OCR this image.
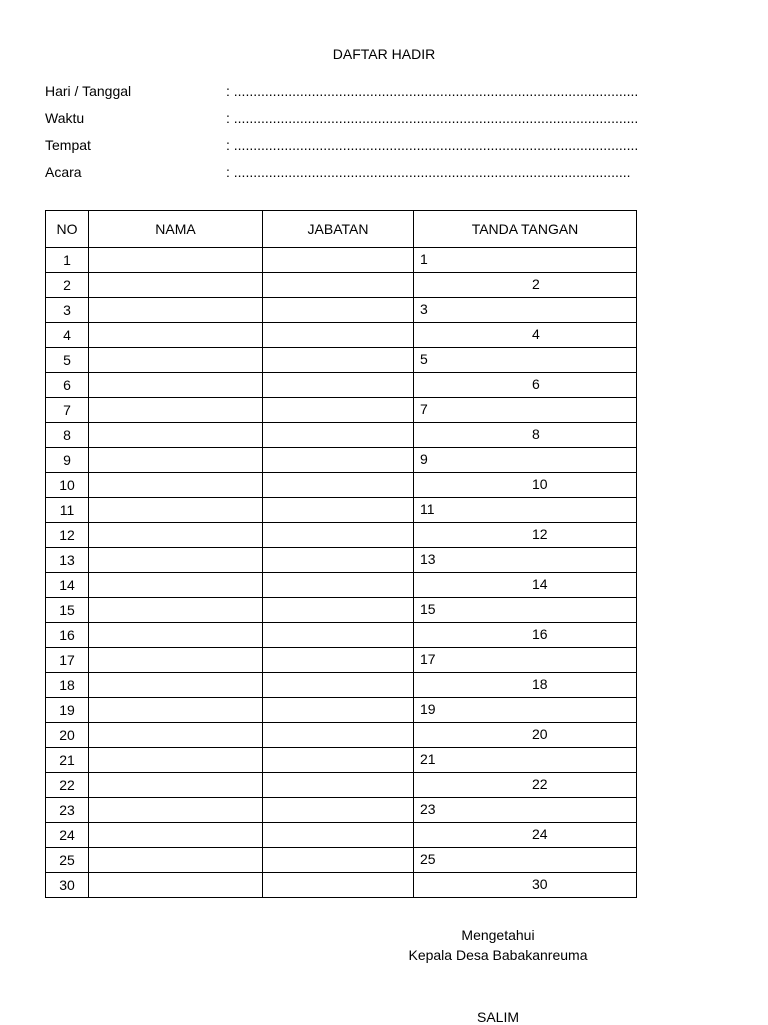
DAFTAR HADIR
Hari / Tanggal	: ........................................................................................................
Waktu	: ........................................................................................................
Tempat	: ........................................................................................................
Acara	: ......................................................................................................
NO	NAMA	JABATAN	TANDA TANGAN
1			1

2			2

3			3

4			4

5			5

6			6

7			7

8			8

9			9

10			10

11			11

12			12

13			13

14			14

15			15

16			16

17			17

18			18

19			19

20			20

21			21

22			22

23			23

24			24

25			25

30			30
Mengetahui
Kepala Desa Babakanreuma
SALIM
